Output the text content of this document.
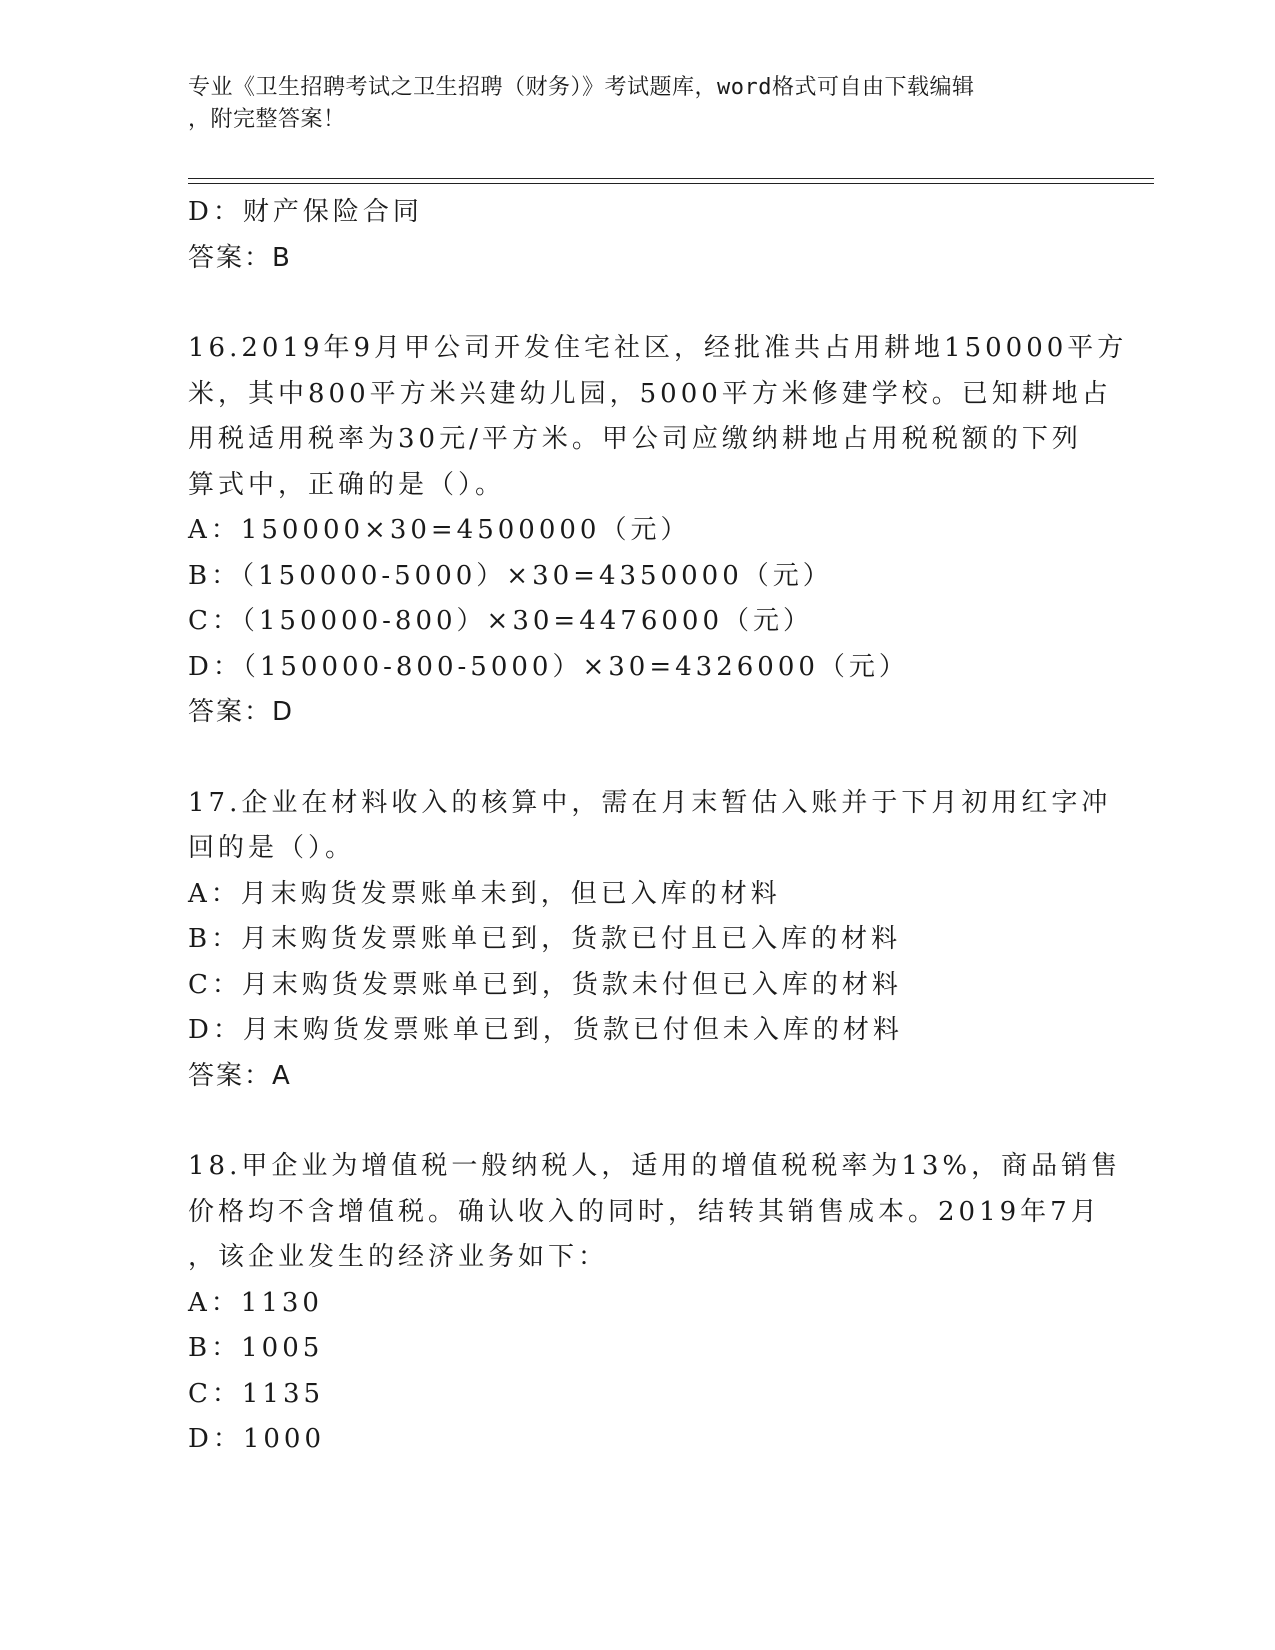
专业《卫生招聘考试之卫生招聘（财务）》考试题库，word格式可自由下载编辑
，附完整答案！
D：财产保险合同
答案：B
16.2019年9月甲公司开发住宅社区，经批准共占用耕地150000平方
米，其中800平方米兴建幼儿园，5000平方米修建学校。已知耕地占
用税适用税率为30元/平方米。甲公司应缴纳耕地占用税税额的下列
算式中，正确的是（）。
A：150000×30=4500000（元）
B：（150000-5000）×30=4350000（元）
C：（150000-800）×30=4476000（元）
D：（150000-800-5000）×30=4326000（元）
答案：D
17.企业在材料收入的核算中，需在月末暂估入账并于下月初用红字冲
回的是（）。
A：月末购货发票账单未到，但已入库的材料
B：月末购货发票账单已到，货款已付且已入库的材料
C：月末购货发票账单已到，货款未付但已入库的材料
D：月末购货发票账单已到，货款已付但未入库的材料
答案：A
18.甲企业为增值税一般纳税人，适用的增值税税率为13%，商品销售
价格均不含增值税。确认收入的同时，结转其销售成本。2019年7月
，该企业发生的经济业务如下：
A：1130
B：1005
C：1135
D：1000
